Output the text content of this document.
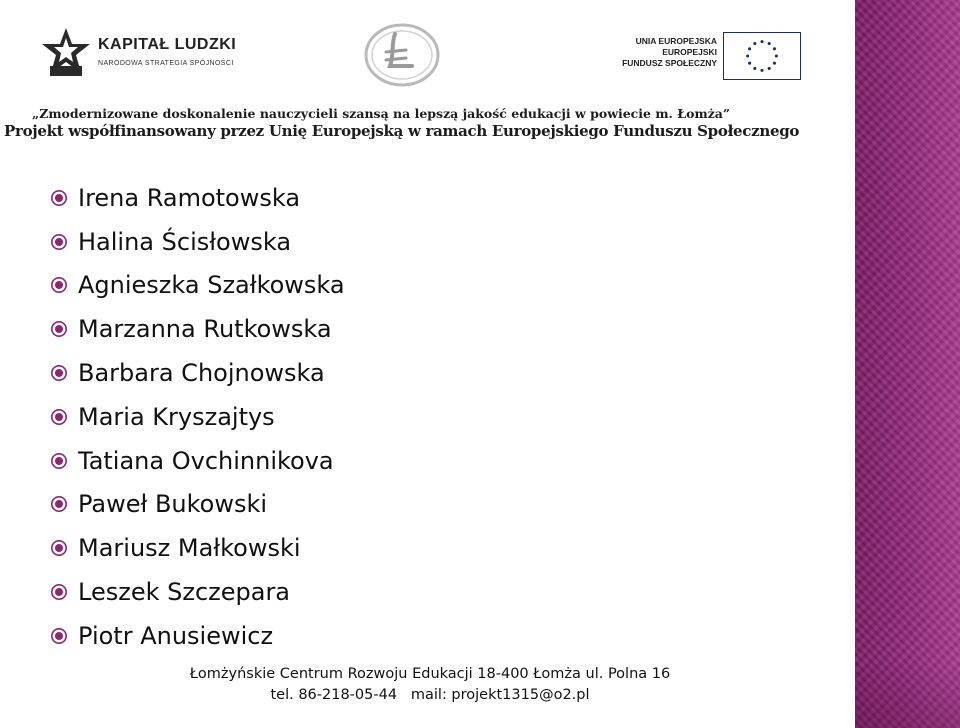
KAPITAŁ LUDZKI
NARODOWA STRATEGIA SPÓJNOŚCI
UNIA EUROPEJSKA
EUROPEJSKI
FUNDUSZ SPOŁECZNY
„Zmodernizowane doskonalenie nauczycieli szansą na lepszą jakość edukacji w powiecie m. Łomża”
Projekt współfinansowany przez Unię Europejską w ramach Europejskiego Funduszu Społecznego
Irena Ramotowska
Halina Ścisłowska
Agnieszka Szałkowska
Marzanna Rutkowska
Barbara Chojnowska
Maria Kryszajtys
Tatiana Ovchinnikova
Paweł Bukowski
Mariusz Małkowski
Leszek Szczepara
Piotr Anusiewicz
Łomżyńskie Centrum Rozwoju Edukacji 18-400 Łomża ul. Polna 16
tel. 86-218-05-44   mail: projekt1315@o2.pl
